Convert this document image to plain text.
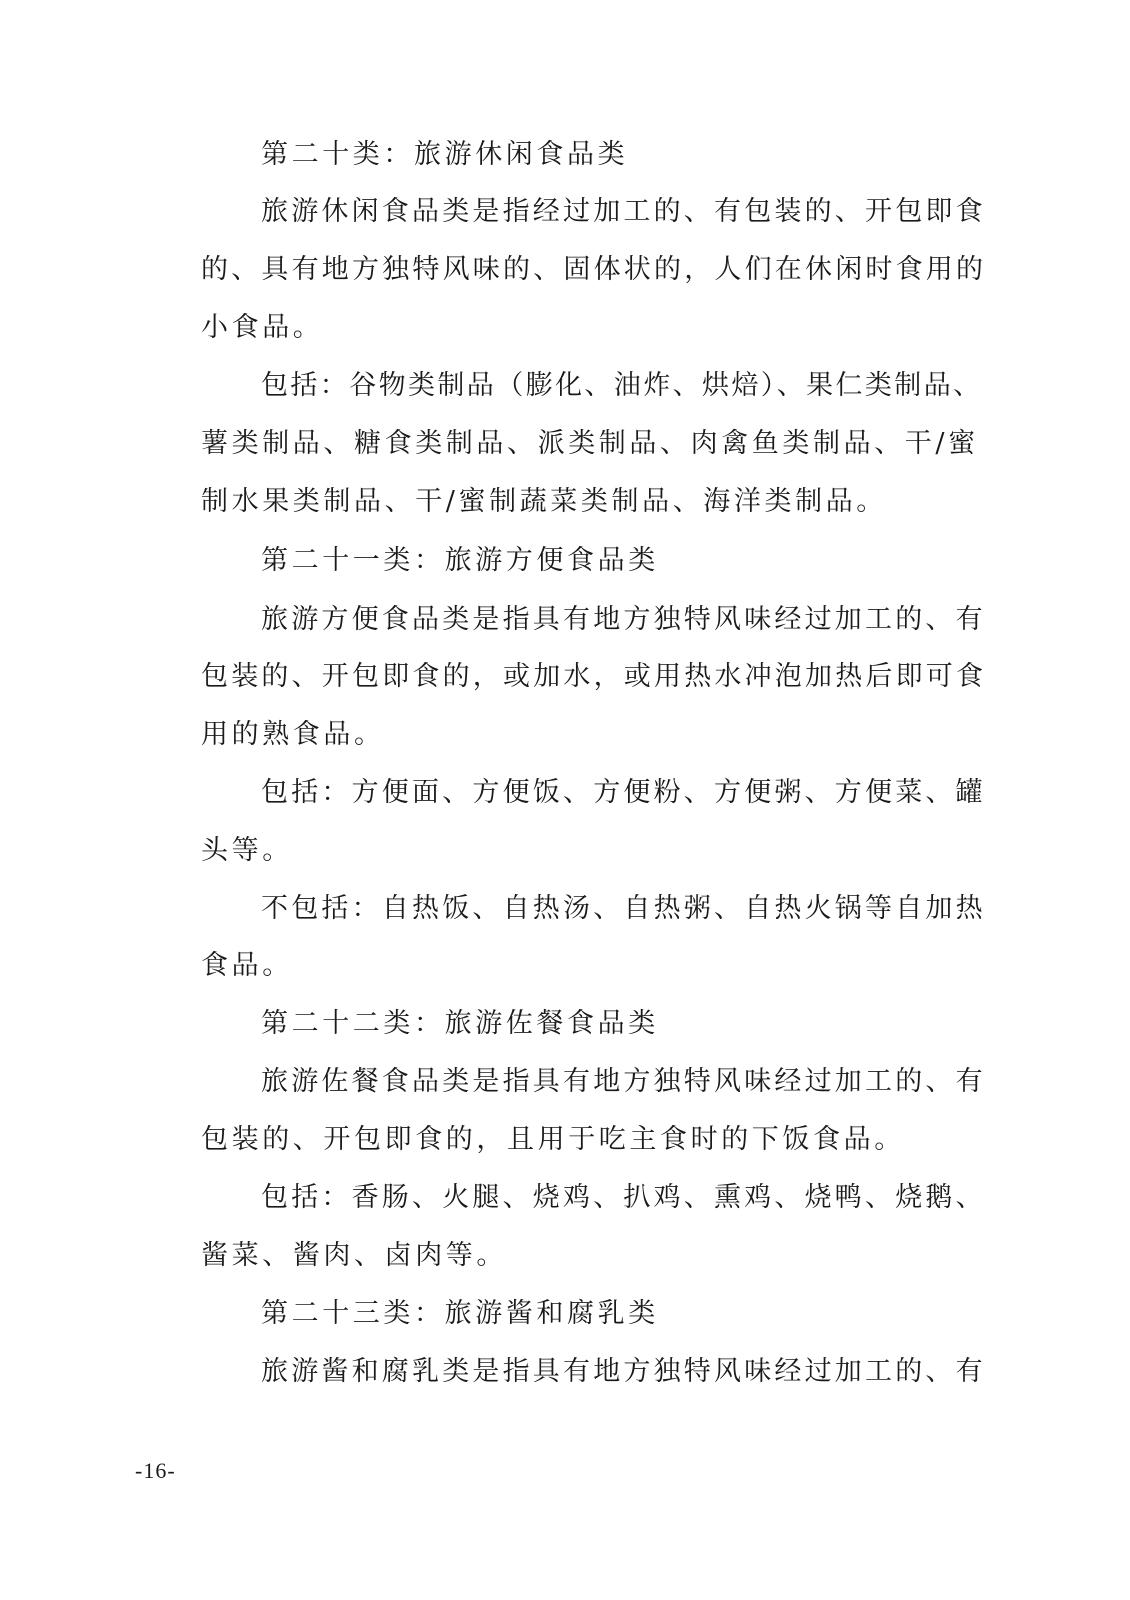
第二十类：旅游休闲食品类
旅游休闲食品类是指经过加工的、有包装的、开包即食
的、具有地方独特风味的、固体状的，人们在休闲时食用的
小食品。
包括：谷物类制品（膨化、油炸、烘焙）、果仁类制品、
薯类制品、糖食类制品、派类制品、肉禽鱼类制品、干/蜜
制水果类制品、干/蜜制蔬菜类制品、海洋类制品。
第二十一类：旅游方便食品类
旅游方便食品类是指具有地方独特风味经过加工的、有
包装的、开包即食的，或加水，或用热水冲泡加热后即可食
用的熟食品。
包括：方便面、方便饭、方便粉、方便粥、方便菜、罐
头等。
不包括：自热饭、自热汤、自热粥、自热火锅等自加热
食品。
第二十二类：旅游佐餐食品类
旅游佐餐食品类是指具有地方独特风味经过加工的、有
包装的、开包即食的，且用于吃主食时的下饭食品。
包括：香肠、火腿、烧鸡、扒鸡、熏鸡、烧鸭、烧鹅、
酱菜、酱肉、卤肉等。
第二十三类：旅游酱和腐乳类
旅游酱和腐乳类是指具有地方独特风味经过加工的、有
-16-
